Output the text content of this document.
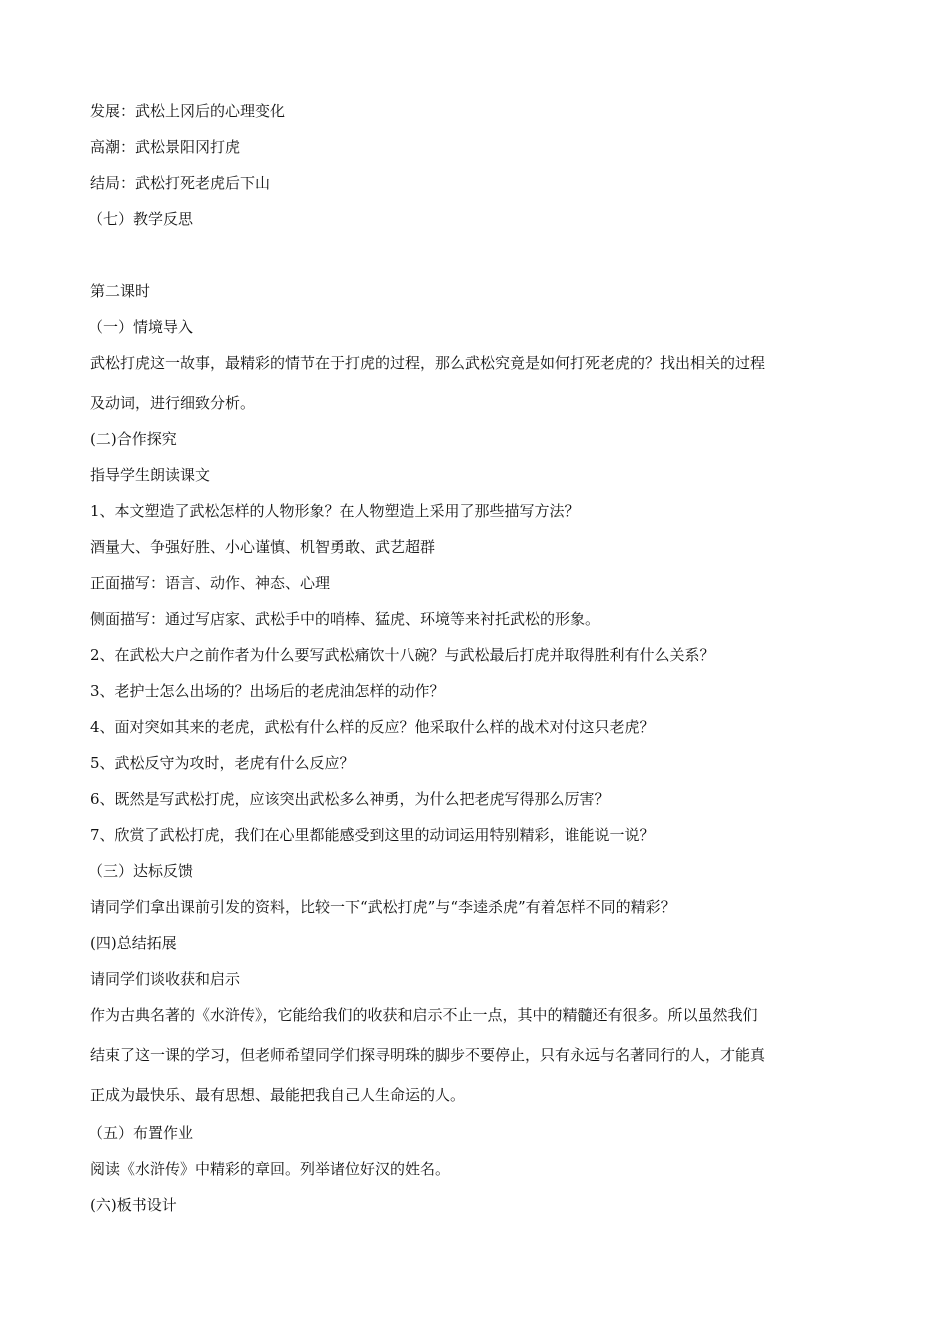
发展：武松上冈后的心理变化
高潮：武松景阳冈打虎
结局：武松打死老虎后下山
（七）教学反思
第二课时
（一）情境导入
武松打虎这一故事，最精彩的情节在于打虎的过程，那么武松究竟是如何打死老虎的？找出相关的过程
及动词，进行细致分析。
(二)合作探究
指导学生朗读课文
1、本文塑造了武松怎样的人物形象？在人物塑造上采用了那些描写方法？
酒量大、争强好胜、小心谨慎、机智勇敢、武艺超群
正面描写：语言、动作、神态、心理
侧面描写：通过写店家、武松手中的哨棒、猛虎、环境等来衬托武松的形象。
2、在武松大户之前作者为什么要写武松痛饮十八碗？与武松最后打虎并取得胜利有什么关系？
3、老护士怎么出场的？出场后的老虎油怎样的动作？
4、面对突如其来的老虎，武松有什么样的反应？他采取什么样的战术对付这只老虎？
5、武松反守为攻时，老虎有什么反应？
6、既然是写武松打虎，应该突出武松多么神勇，为什么把老虎写得那么厉害？
7、欣赏了武松打虎，我们在心里都能感受到这里的动词运用特别精彩，谁能说一说？
（三）达标反馈
请同学们拿出课前引发的资料，比较一下“武松打虎”与“李逵杀虎”有着怎样不同的精彩？
(四)总结拓展
请同学们谈收获和启示
作为古典名著的《水浒传》，它能给我们的收获和启示不止一点，其中的精髓还有很多。所以虽然我们
结束了这一课的学习，但老师希望同学们探寻明珠的脚步不要停止，只有永远与名著同行的人，才能真
正成为最快乐、最有思想、最能把我自己人生命运的人。
（五）布置作业
阅读《水浒传》中精彩的章回。列举诸位好汉的姓名。
(六)板书设计
